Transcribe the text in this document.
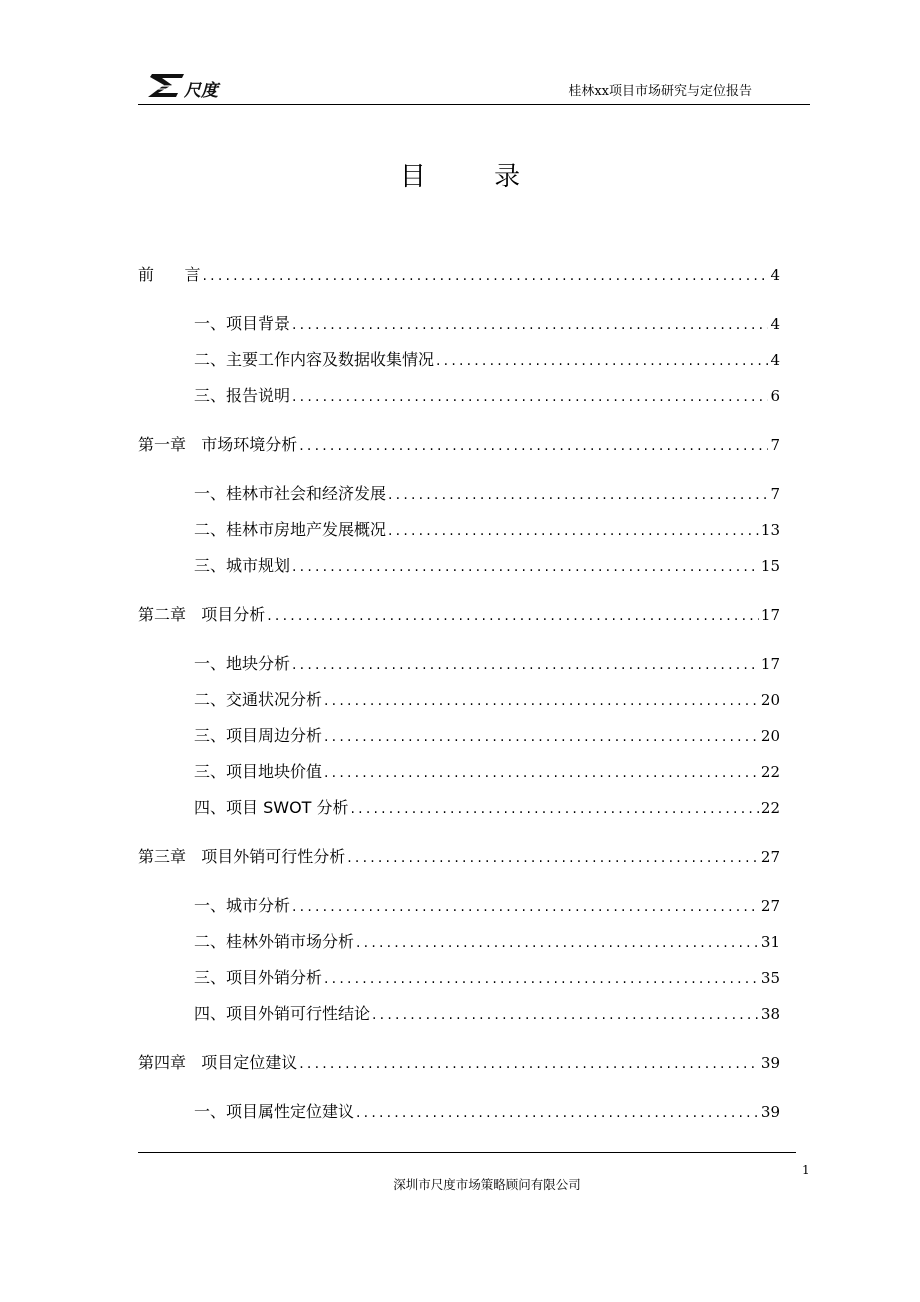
尺度	桂林xx项目市场研究与定位报告
目 录
前      言 .....	4
一、项目背景 .....	4
二、主要工作内容及数据收集情况 .....	4
三、报告说明 .....	6
第一章   市场环境分析 .....	7
一、桂林市社会和经济发展 .....	7
二、桂林市房地产发展概况 .....	13
三、城市规划 .....	15
第二章   项目分析 .....	17
一、地块分析 .....	17
二、交通状况分析 .....	20
三、项目周边分析 .....	20
三、项目地块价值 .....	22
四、项目 SWOT 分析 .....	22
第三章   项目外销可行性分析 .....	27
一、城市分析 .....	27
二、桂林外销市场分析 .....	31
三、项目外销分析 .....	35
四、项目外销可行性结论 .....	38
第四章   项目定位建议 .....	39
一、项目属性定位建议 .....	39
1
深圳市尺度市场策略顾问有限公司
